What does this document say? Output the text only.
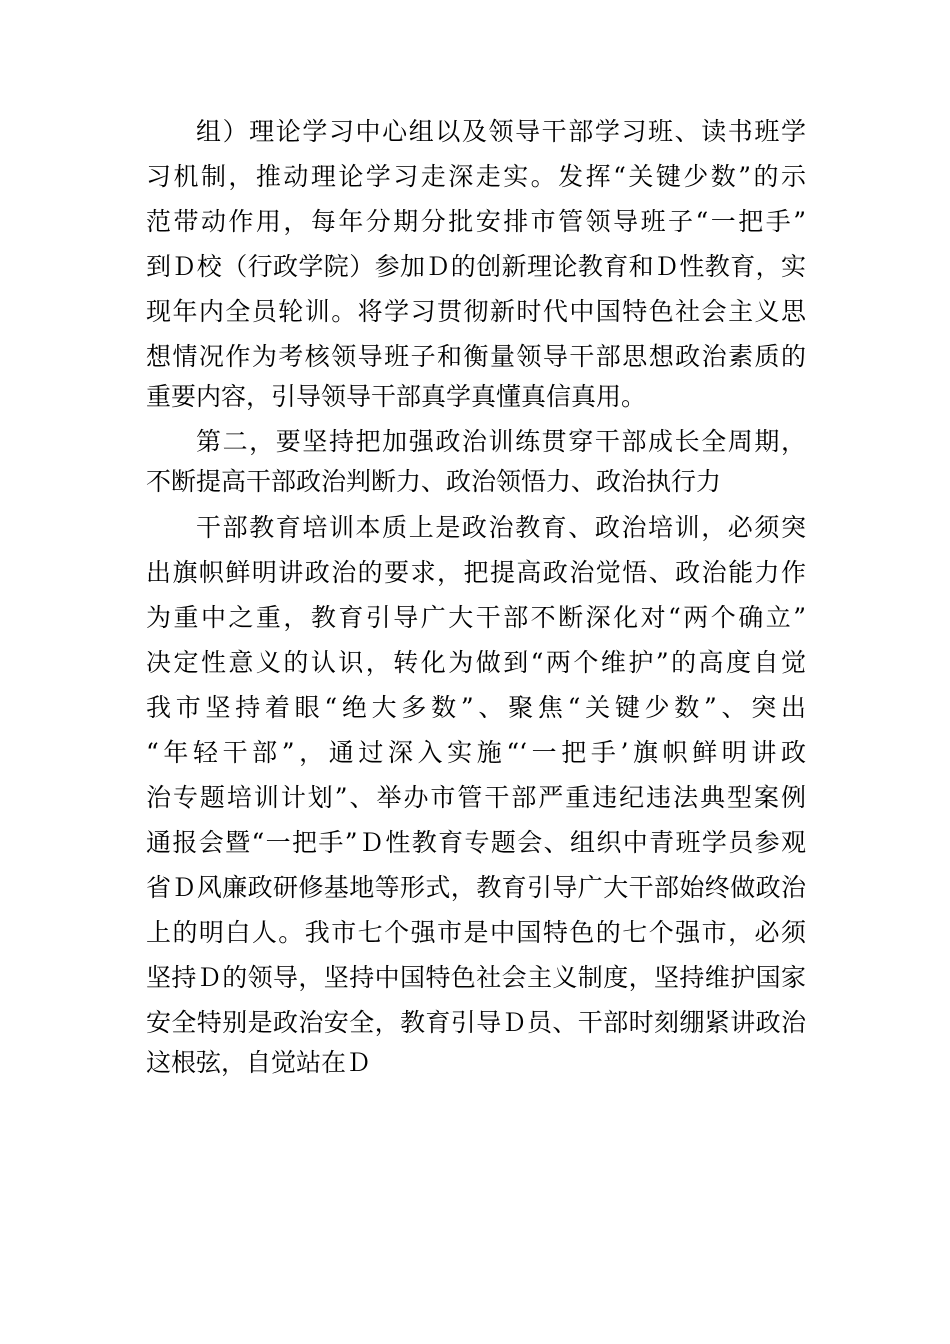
组）理论学习中心组以及领导干部学习班、读书班学
习机制，推动理论学习走深走实。发挥“关键少数”的示
范带动作用，每年分期分批安排市管领导班子“一把手”
到Ｄ校（行政学院）参加Ｄ的创新理论教育和Ｄ性教育，实
现年内全员轮训。将学习贯彻新时代中国特色社会主义思
想情况作为考核领导班子和衡量领导干部思想政治素质的
重要内容，引导领导干部真学真懂真信真用。
第二，要坚持把加强政治训练贯穿干部成长全周期，
不断提高干部政治判断力、政治领悟力、政治执行力
干部教育培训本质上是政治教育、政治培训，必须突
出旗帜鲜明讲政治的要求，把提高政治觉悟、政治能力作
为重中之重，教育引导广大干部不断深化对“两个确立”
决定性意义的认识，转化为做到“两个维护”的高度自觉
我市坚持着眼“绝大多数”、聚焦“关键少数”、突出
“年轻干部”，通过深入实施“‘一把手’旗帜鲜明讲政
治专题培训计划”、举办市管干部严重违纪违法典型案例
通报会暨“一把手”Ｄ性教育专题会、组织中青班学员参观
省Ｄ风廉政研修基地等形式，教育引导广大干部始终做政治
上的明白人。我市七个强市是中国特色的七个强市，必须
坚持Ｄ的领导，坚持中国特色社会主义制度，坚持维护国家
安全特别是政治安全，教育引导Ｄ员、干部时刻绷紧讲政治
这根弦，自觉站在Ｄ
